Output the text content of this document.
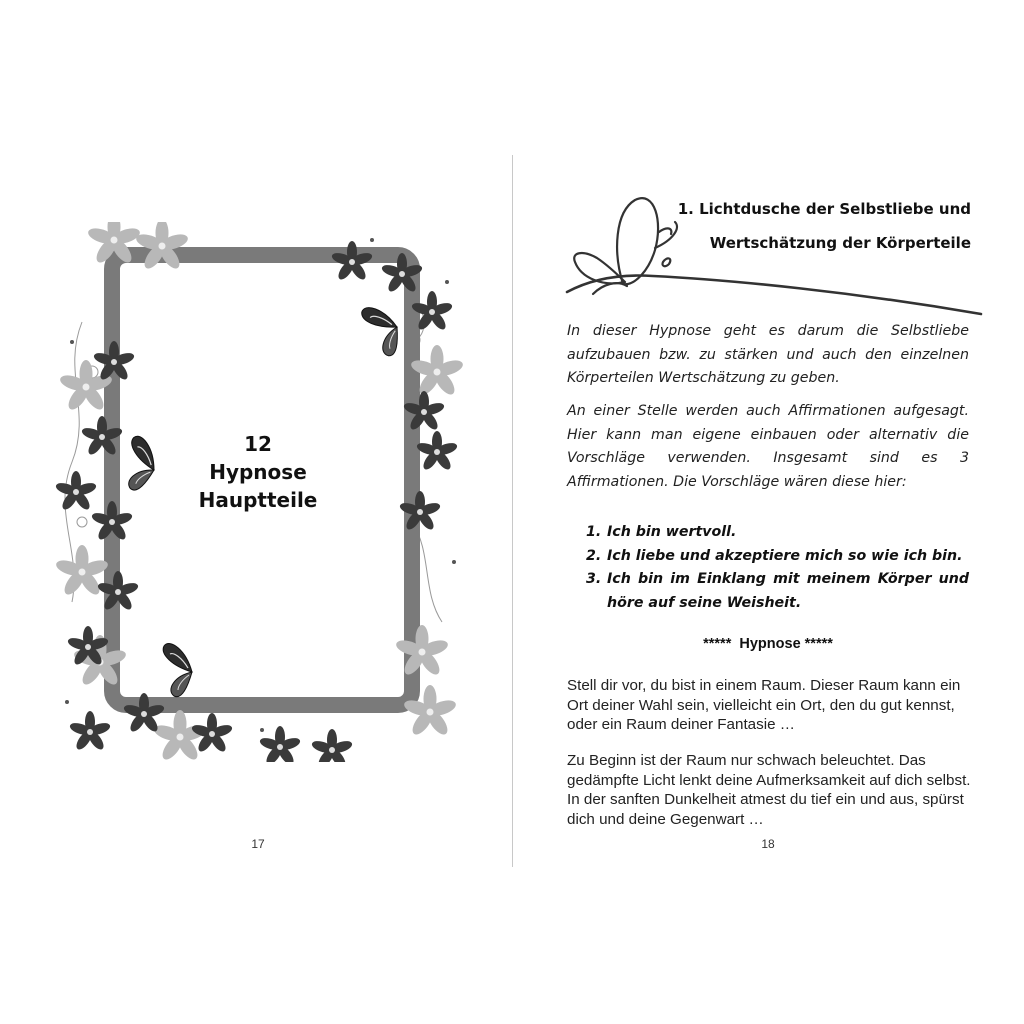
12
Hypnose
Hauptteile
17
1. Lichtdusche der Selbstliebe und
Wertschätzung der Körperteile

In dieser Hypnose geht es darum die Selbstliebe aufzubauen bzw. zu stärken und auch den einzelnen Körperteilen Wertschätzung zu geben.

An einer Stelle werden auch Affirmationen aufgesagt. Hier kann man eigene einbauen oder alternativ die Vorschläge verwenden. Insgesamt sind es 3 Affirmationen. Die Vorschläge wären diese hier:

1. Ich bin wertvoll.
2. Ich liebe und akzeptiere mich so wie ich bin.
3. Ich bin im Einklang mit meinem Körper und höre auf seine Weisheit.
*****  Hypnose *****

Stell dir vor, du bist in einem Raum. Dieser Raum kann ein Ort deiner Wahl sein, vielleicht ein Ort, den du gut kennst, oder ein Raum deiner Fantasie …

Zu Beginn ist der Raum nur schwach beleuchtet. Das gedämpfte Licht lenkt deine Aufmerksamkeit auf dich selbst. In der sanften Dunkelheit atmest du tief ein und aus, spürst dich und deine Gegenwart …

18
